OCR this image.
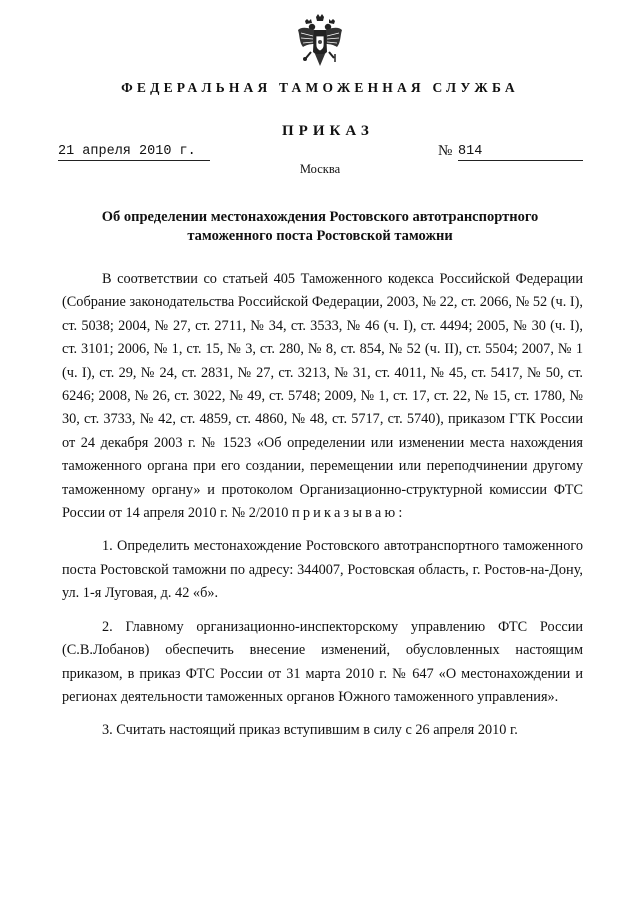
ФЕДЕРАЛЬНАЯ ТАМОЖЕННАЯ СЛУЖБА
ПРИКАЗ
21 апреля 2010 г.	№ 814
Москва
Об определении местонахождения Ростовского автотранспортного
таможенного поста Ростовской таможни

В соответствии со статьей 405 Таможенного кодекса Российской Федерации (Собрание законодательства Российской Федерации, 2003, № 22, ст. 2066, № 52 (ч. I), ст. 5038; 2004, № 27, ст. 2711, № 34, ст. 3533, № 46 (ч. I), ст. 4494; 2005, № 30 (ч. I), ст. 3101; 2006, № 1, ст. 15, № 3, ст. 280, № 8, ст. 854, № 52 (ч. II), ст. 5504; 2007, № 1 (ч. I), ст. 29, № 24, ст. 2831, № 27, ст. 3213, № 31, ст. 4011, № 45, ст. 5417, № 50, ст. 6246; 2008, № 26, ст. 3022, № 49, ст. 5748; 2009, № 1, ст. 17, ст. 22, № 15, ст. 1780, № 30, ст. 3733, № 42, ст. 4859, ст. 4860, № 48, ст. 5717, ст. 5740), приказом ГТК России от 24 декабря 2003 г. № 1523 «Об определении или изменении места нахождения таможенного органа при его создании, перемещении или переподчинении другому таможенному органу» и протоколом Организационно-структурной комиссии ФТС России от 14 апреля 2010 г. № 2/2010 приказываю:

1. Определить местонахождение Ростовского автотранспортного таможенного поста Ростовской таможни по адресу: 344007, Ростовская область, г. Ростов-на-Дону, ул. 1-я Луговая, д. 42 «б».

2. Главному организационно-инспекторскому управлению ФТС России (С.В.Лобанов) обеспечить внесение изменений, обусловленных настоящим приказом, в приказ ФТС России от 31 марта 2010 г. № 647 «О местонахождении и регионах деятельности таможенных органов Южного таможенного управления».

3. Считать настоящий приказ вступившим в силу с 26 апреля 2010 г.
